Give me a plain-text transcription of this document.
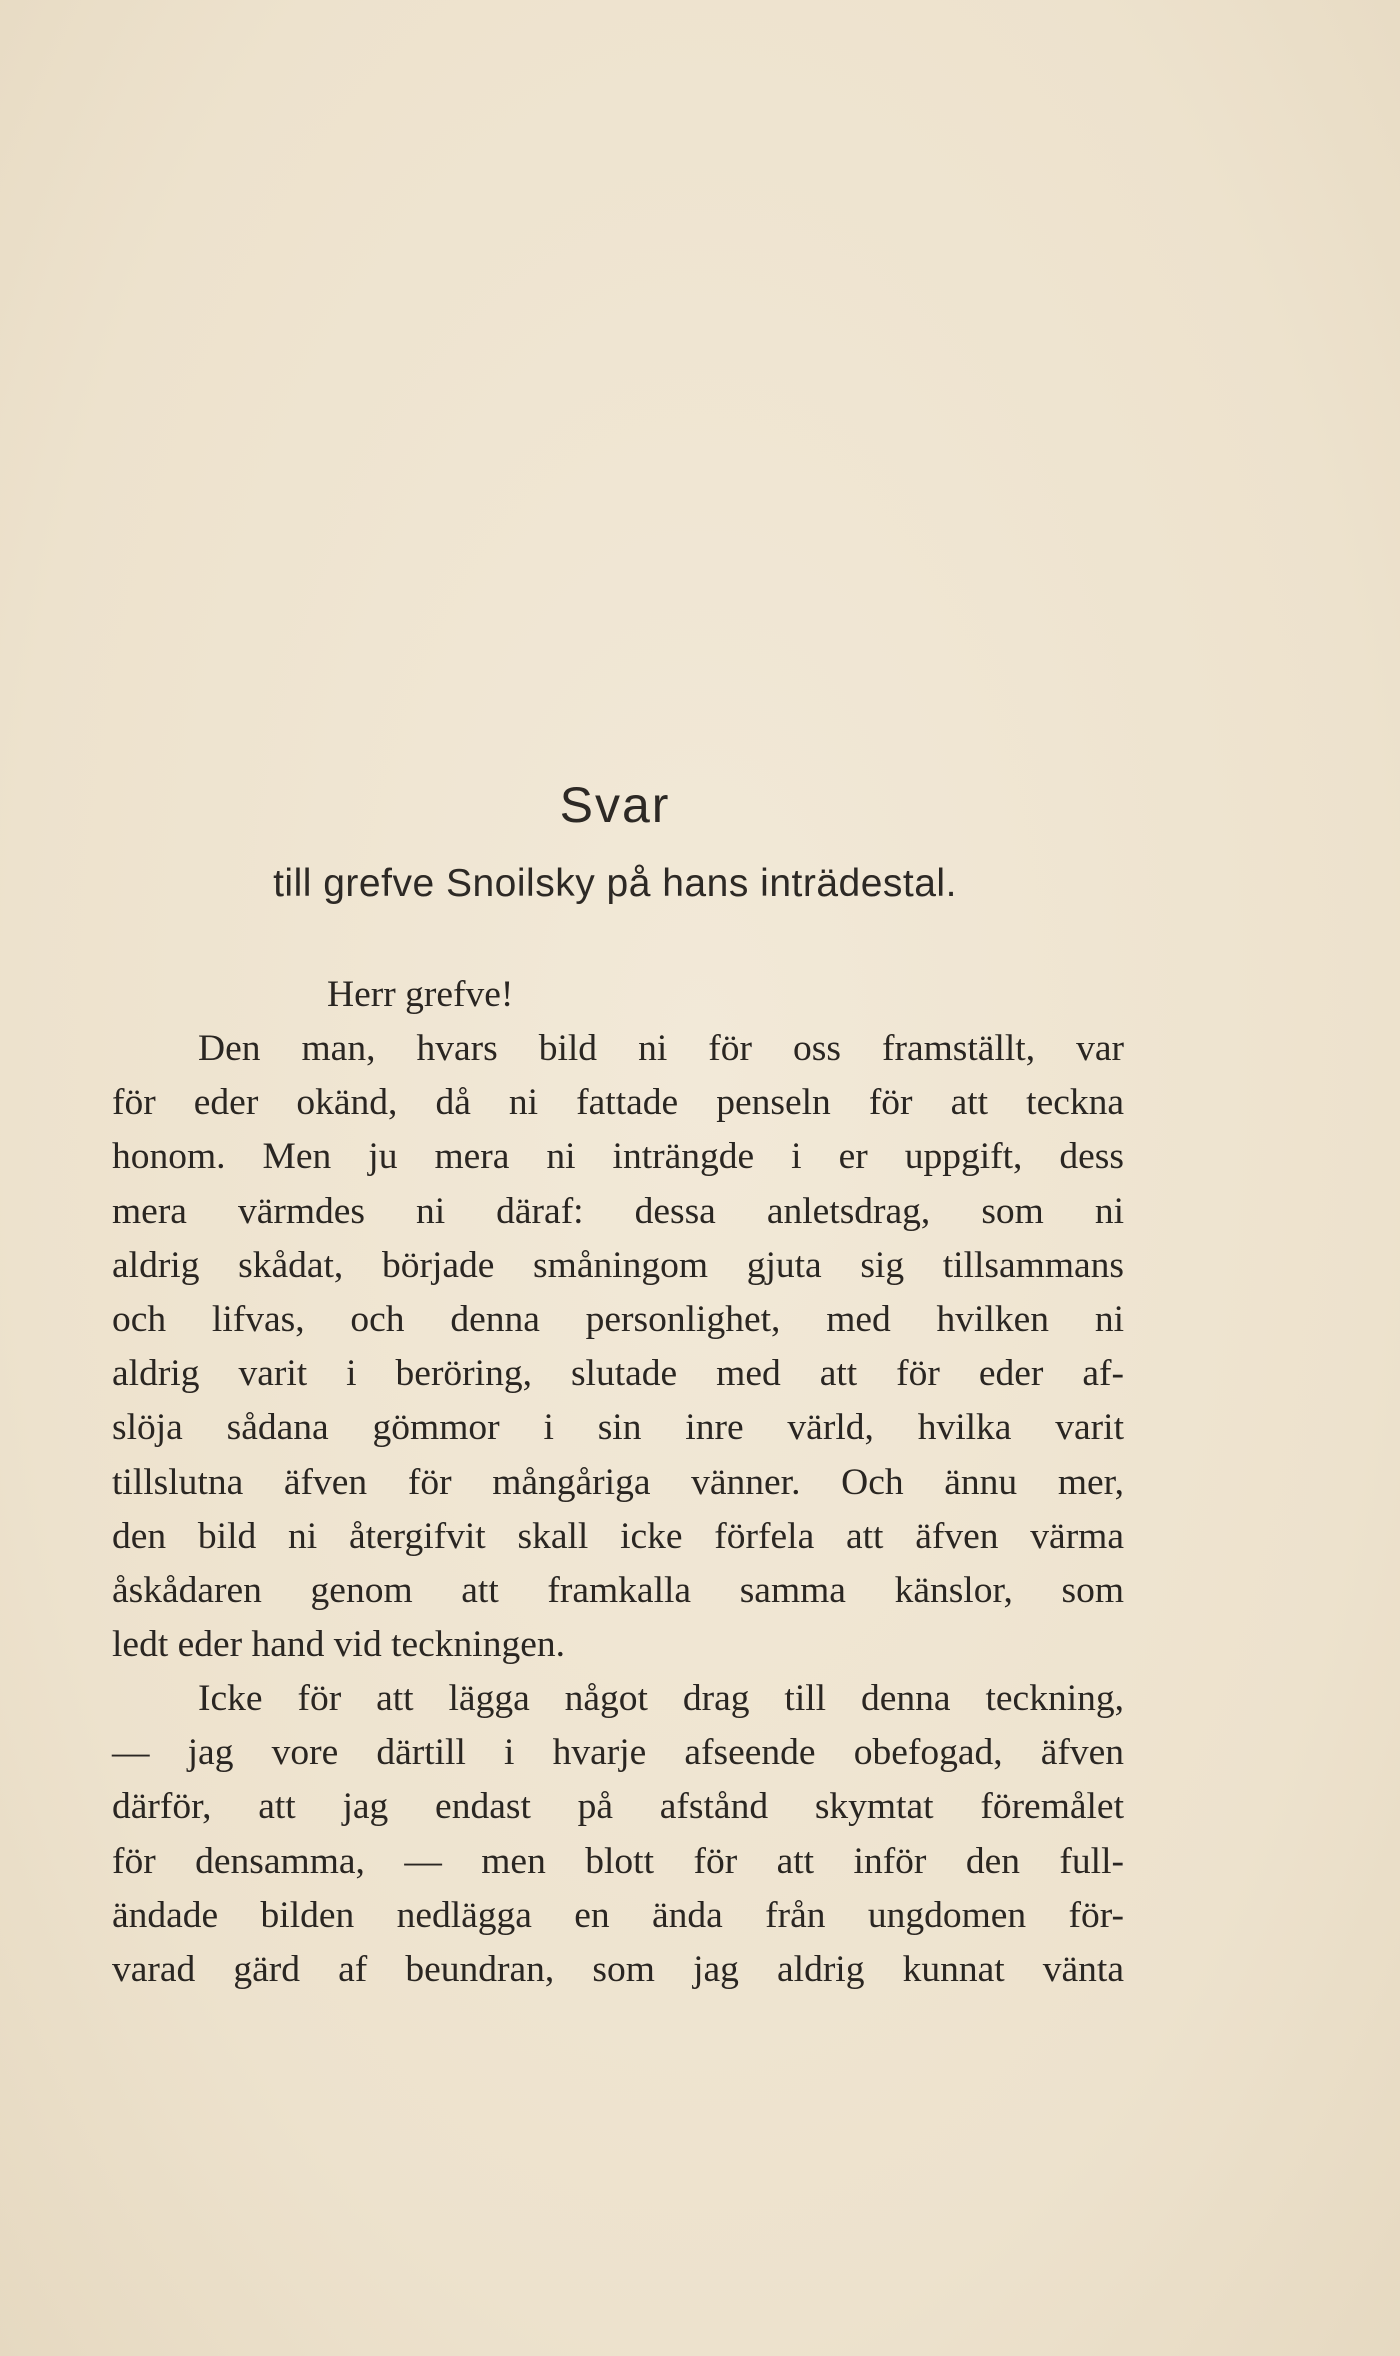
Svar
till grefve Snoilsky på hans inträdestal.
Herr grefve!
Den man, hvars bild ni för oss framställt, var
för eder okänd, då ni fattade penseln för att teckna
honom. Men ju mera ni inträngde i er uppgift, dess
mera värmdes ni däraf: dessa anletsdrag, som ni
aldrig skådat, började småningom gjuta sig tillsammans
och lifvas, och denna personlighet, med hvilken ni
aldrig varit i beröring, slutade med att för eder af-
slöja sådana gömmor i sin inre värld, hvilka varit
tillslutna äfven för mångåriga vänner. Och ännu mer,
den bild ni återgifvit skall icke förfela att äfven värma
åskådaren genom att framkalla samma känslor, som
ledt eder hand vid teckningen.
Icke för att lägga något drag till denna teckning,
— jag vore därtill i hvarje afseende obefogad, äfven
därför, att jag endast på afstånd skymtat föremålet
för densamma, — men blott för att inför den full-
ändade bilden nedlägga en ända från ungdomen för-
varad gärd af beundran, som jag aldrig kunnat vänta
